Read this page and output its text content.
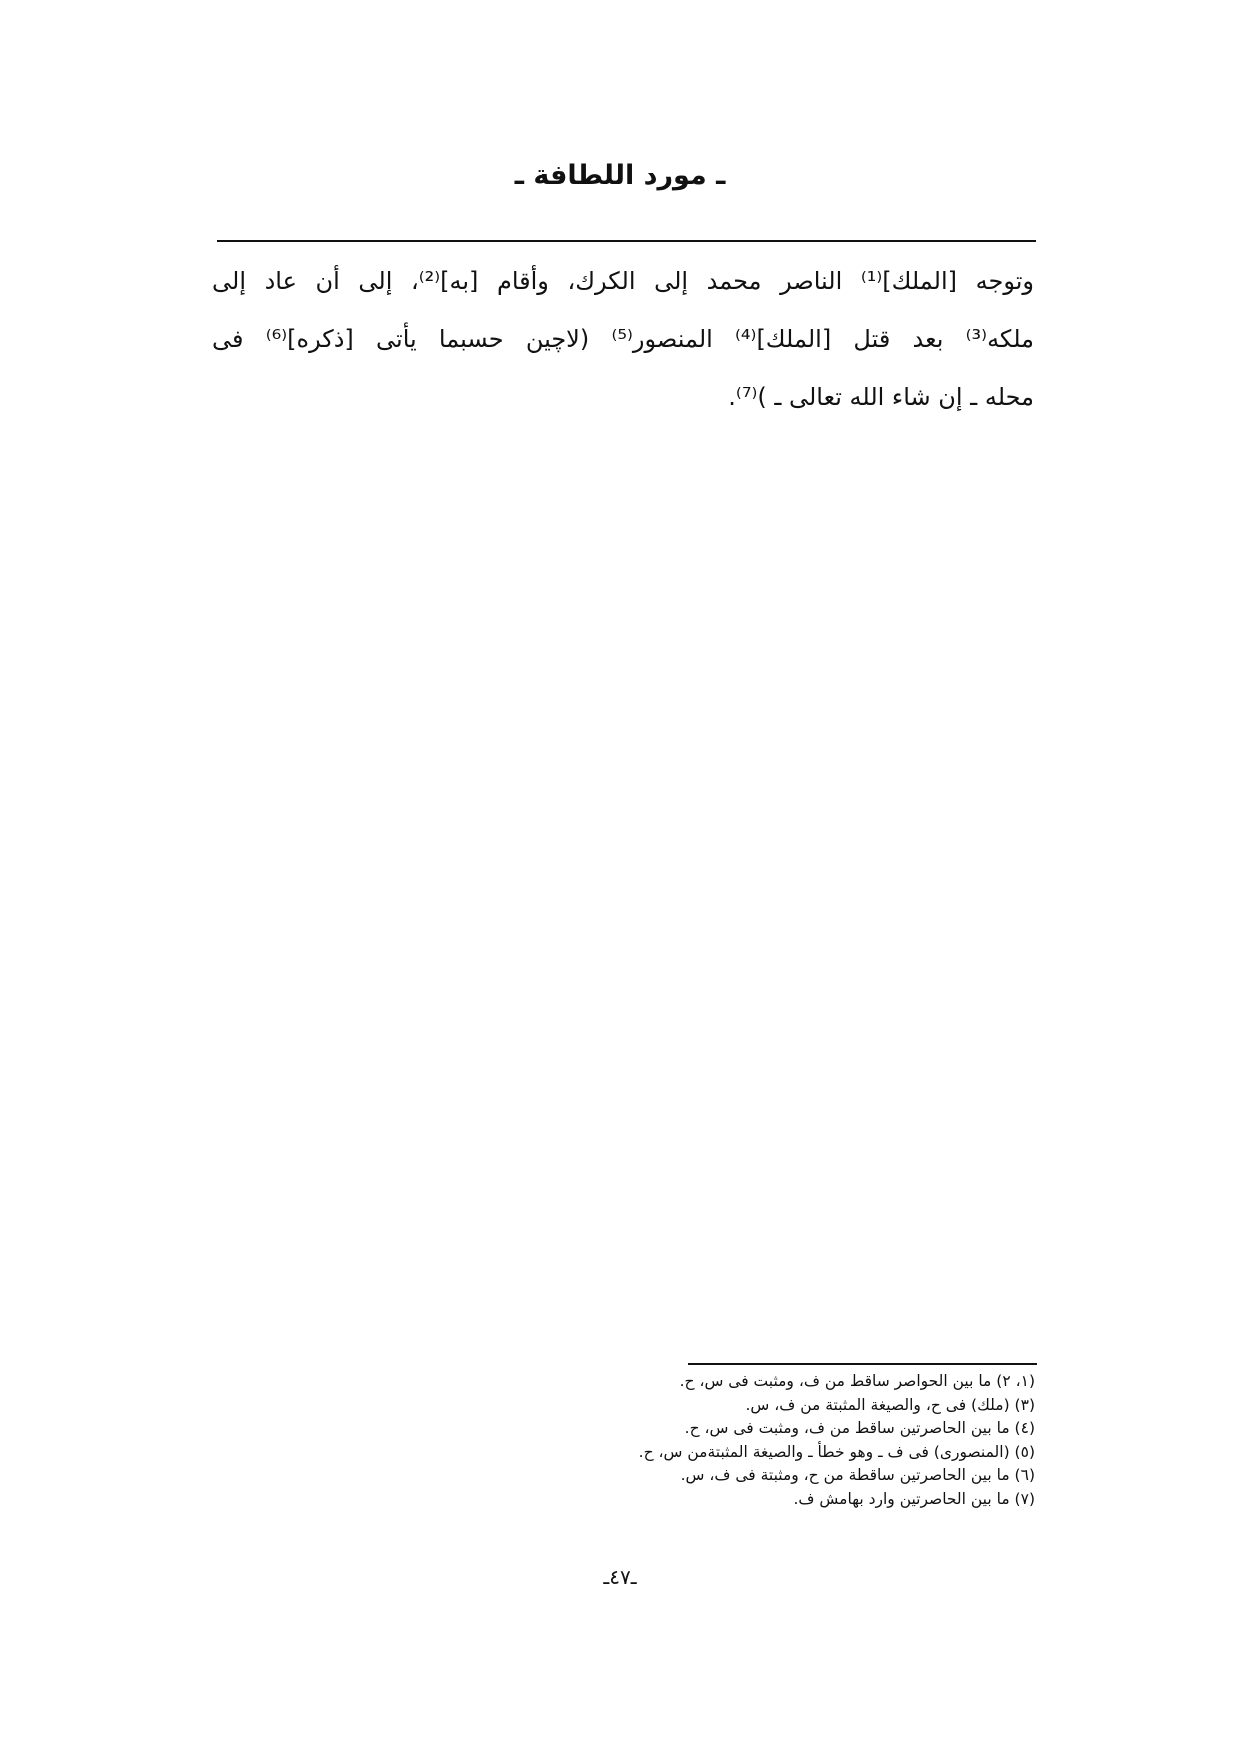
ـ مورد اللطافة ـ
وتوجه [الملك]⁽¹⁾ الناصر محمد إلى الكرك، وأقام [به]⁽²⁾، إلى أن عاد إلى
ملكه⁽³⁾ بعد قتل [الملك]⁽⁴⁾ المنصور⁽⁵⁾ (لاچين حسبما يأتى [ذكره]⁽⁶⁾ فى
محله ـ إن شاء الله تعالى ـ )⁽⁷⁾.
(١، ٢) ما بين الحواصر ساقط من ف، ومثبت فى س، ح.
(٣) (ملك) فى ح، والصيغة المثبتة من ف، س.
(٤) ما بين الحاصرتين ساقط من ف، ومثبت فى س، ح.
(٥) (المنصورى) فى ف ـ وهو خطأ ـ والصيغة المثبتةمن س، ح.
(٦) ما بين الحاصرتين ساقطة من ح، ومثبتة فى ف، س.
(٧) ما بين الحاصرتين وارد بهامش ف.
ـ٤٧ـ
